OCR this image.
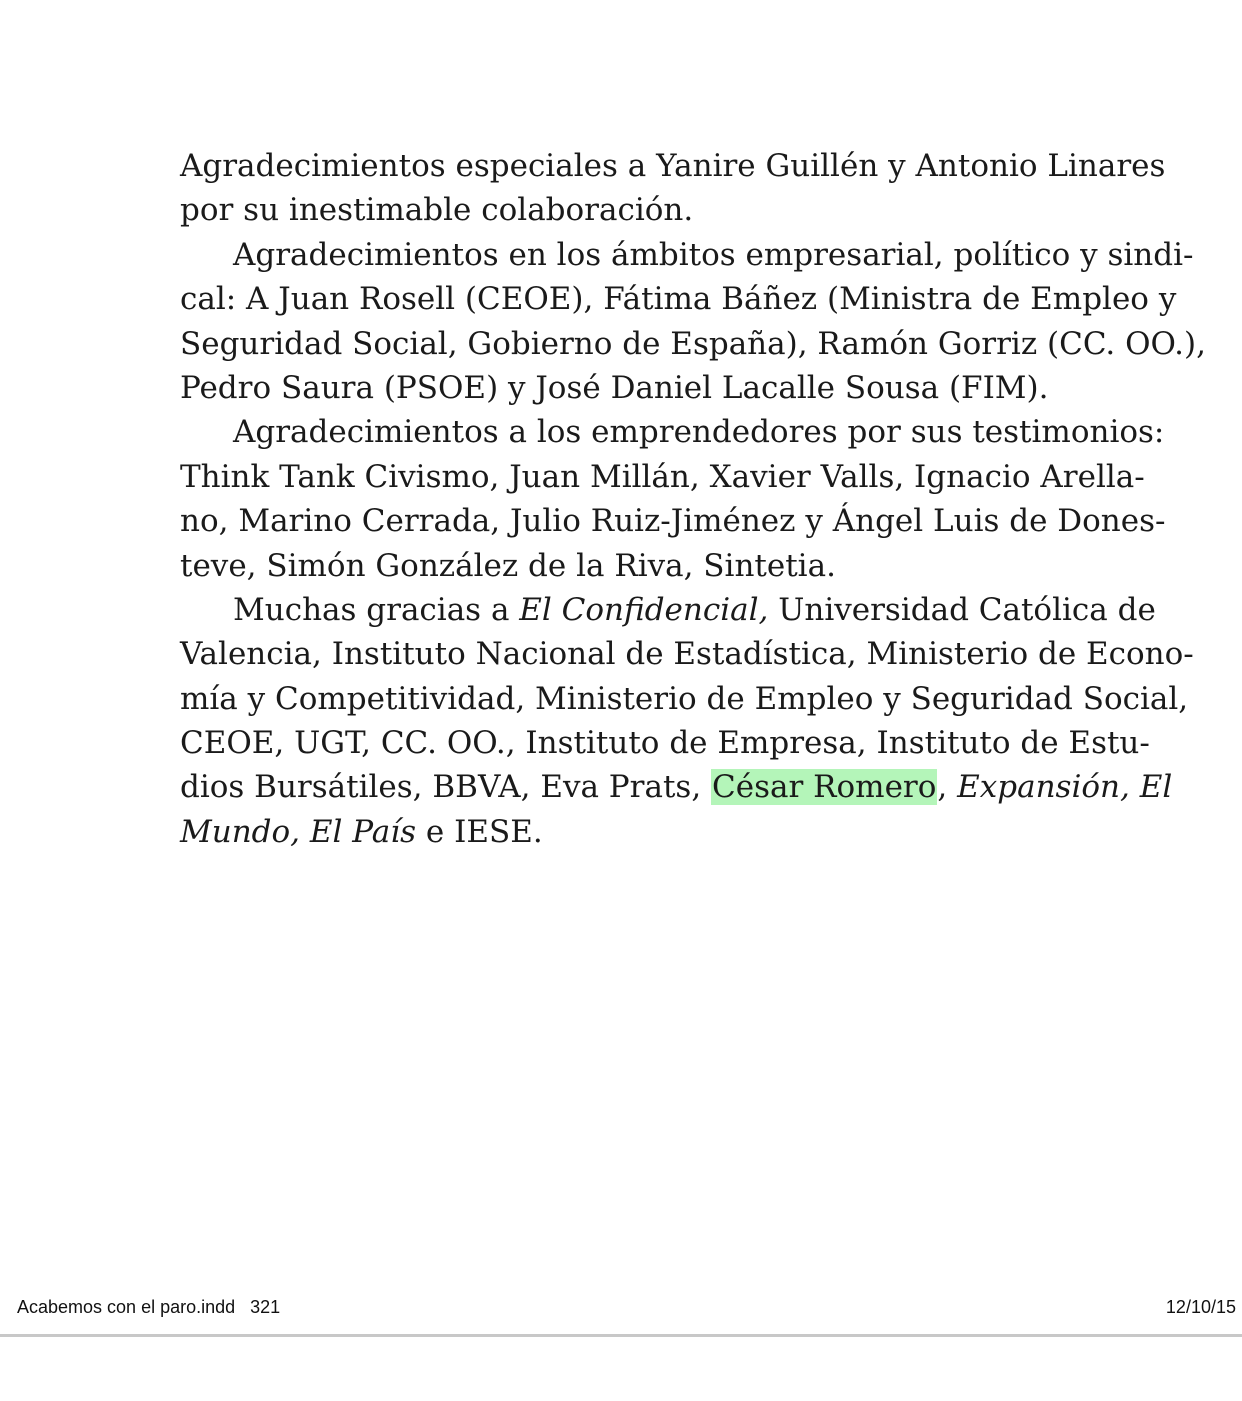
Agradecimientos especiales a Yanire Guillén y Antonio Linares
por su inestimable colaboración.
Agradecimientos en los ámbitos empresarial, político y sindi-
cal: A Juan Rosell (CEOE), Fátima Báñez (Ministra de Empleo y
Seguridad Social, Gobierno de España), Ramón Gorriz (CC. OO.),
Pedro Saura (PSOE) y José Daniel Lacalle Sousa (FIM).
Agradecimientos a los emprendedores por sus testimonios:
Think Tank Civismo, Juan Millán, Xavier Valls, Ignacio Arella-
no, Marino Cerrada, Julio Ruiz-Jiménez y Ángel Luis de Dones-
teve, Simón González de la Riva, Sintetia.
Muchas gracias a El Confidencial, Universidad Católica de
Valencia, Instituto Nacional de Estadística, Ministerio de Econo-
mía y Competitividad, Ministerio de Empleo y Seguridad Social,
CEOE, UGT, CC. OO., Instituto de Empresa, Instituto de Estu-
dios Bursátiles, BBVA, Eva Prats, César Romero, Expansión, El
Mundo, El País e IESE.
Acabemos con el paro.indd   321	12/10/15
